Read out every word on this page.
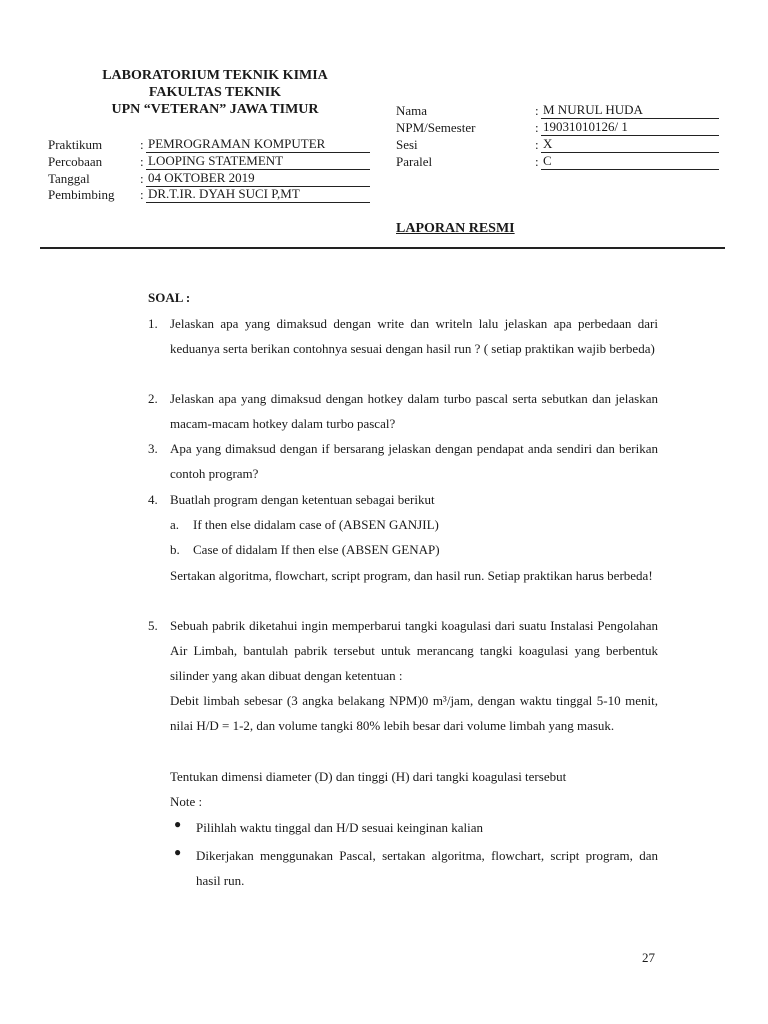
LABORATORIUM TEKNIK KIMIA
FAKULTAS TEKNIK
UPN “VETERAN” JAWA TIMUR
Praktikum	: PEMROGRAMAN KOMPUTER
Percobaan	: LOOPING STATEMENT
Tanggal	: 04 OKTOBER 2019
Pembimbing : DR.T.IR. DYAH SUCI P,MT
Nama	: M NURUL HUDA
NPM/Semester	: 19031010126/ 1
Sesi	: X
Paralel	: C
LAPORAN RESMI
SOAL :
1. Jelaskan apa yang dimaksud dengan write dan writeln lalu jelaskan apa perbedaan dari keduanya serta berikan contohnya sesuai dengan hasil run ? ( setiap praktikan wajib berbeda)
2. Jelaskan apa yang dimaksud dengan hotkey dalam turbo pascal serta sebutkan dan jelaskan macam-macam hotkey dalam turbo pascal?
3. Apa yang dimaksud dengan if bersarang jelaskan dengan pendapat anda sendiri dan berikan contoh program?
4. Buatlah program dengan ketentuan sebagai berikut
a. If then else didalam case of (ABSEN GANJIL)
b. Case of didalam If then else (ABSEN GENAP)
Sertakan algoritma, flowchart, script program, dan hasil run. Setiap praktikan harus berbeda!
5. Sebuah pabrik diketahui ingin memperbarui tangki koagulasi dari suatu Instalasi Pengolahan Air Limbah, bantulah pabrik tersebut untuk merancang tangki koagulasi yang berbentuk silinder yang akan dibuat dengan ketentuan :
Debit limbah sebesar (3 angka belakang NPM)0 m³/jam, dengan waktu tinggal 5-10 menit, nilai H/D = 1-2, dan volume tangki 80% lebih besar dari volume limbah yang masuk.
Tentukan dimensi diameter (D) dan tinggi (H) dari tangki koagulasi tersebut
Note :
● Pilihlah waktu tinggal dan H/D sesuai keinginan kalian
● Dikerjakan menggunakan Pascal, sertakan algoritma, flowchart, script program, dan hasil run.
27
